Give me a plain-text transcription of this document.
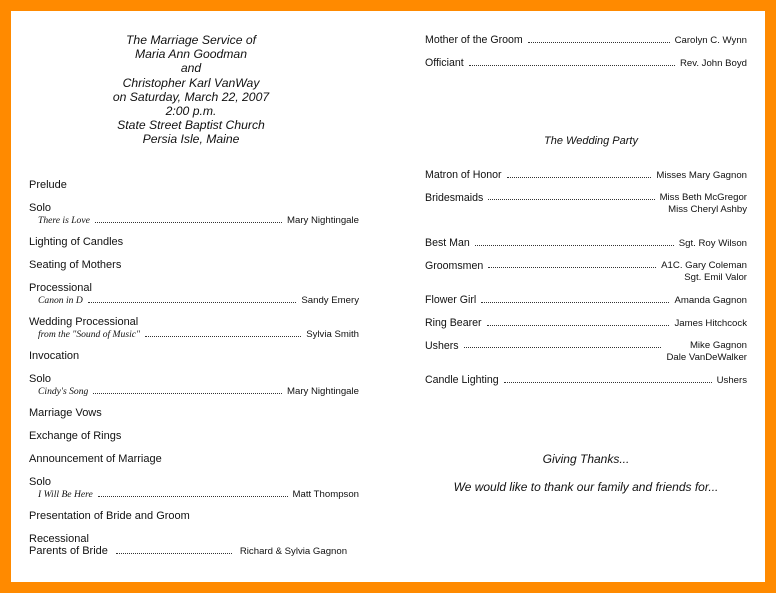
The Marriage Service of
Maria Ann Goodman
and
Christopher Karl VanWay
on Saturday, March 22, 2007
2:00 p.m.
State Street Baptist Church
Persia Isle, Maine
Prelude
Solo
There is Love	Mary Nightingale
Lighting of Candles
Seating of Mothers
Processional
Canon in D	Sandy Emery
Wedding Processional
from the "Sound of Music"	Sylvia Smith
Invocation
Solo
Cindy's Song	Mary Nightingale
Marriage Vows
Exchange of Rings
Announcement of Marriage
Solo
I Will Be Here	Matt Thompson
Presentation of Bride and Groom
Recessional
Parents of Bride	Richard & Sylvia Gagnon
Mother of the Groom	Carolyn C. Wynn
Officiant	Rev. John Boyd
The Wedding Party
Matron of Honor	Misses Mary Gagnon
Bridesmaids	Miss Beth McGregor
Miss Cheryl Ashby
Best Man	Sgt. Roy Wilson
Groomsmen	A1C. Gary Coleman
Sgt. Emil Valor
Flower Girl	Amanda Gagnon
Ring Bearer	James Hitchcock
Ushers	Mike Gagnon
Dale VanDeWalker
Candle Lighting	Ushers
Giving Thanks...
We would like to thank our family and friends for...
